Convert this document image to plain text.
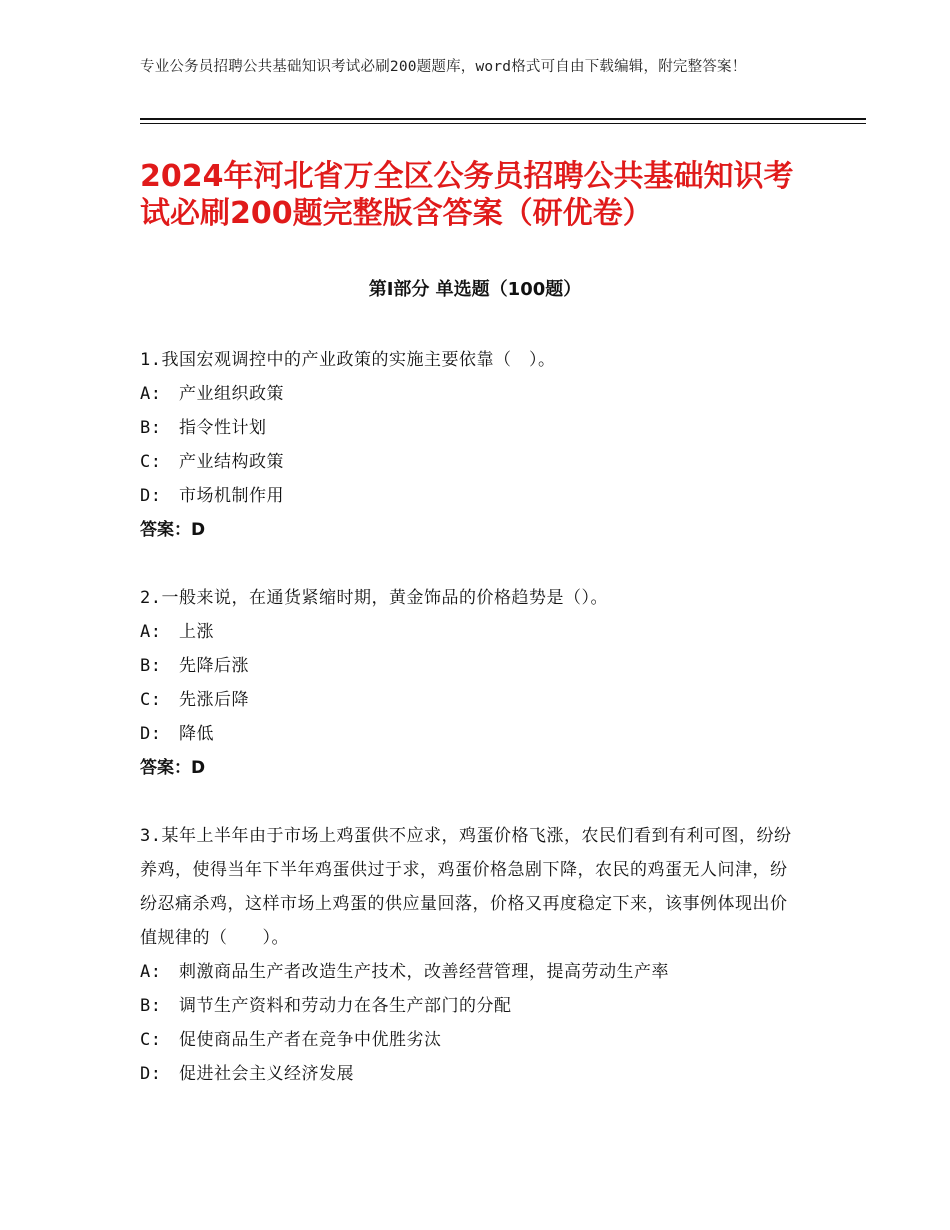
专业公务员招聘公共基础知识考试必刷200题题库，word格式可自由下载编辑，附完整答案！
2024年河北省万全区公务员招聘公共基础知识考试必刷200题完整版含答案（研优卷）
第Ⅰ部分 单选题（100题）
1.我国宏观调控中的产业政策的实施主要依靠（　）。
A:　产业组织政策
B:　指令性计划
C:　产业结构政策
D:　市场机制作用
答案：D
2.一般来说，在通货紧缩时期，黄金饰品的价格趋势是（）。
A:　上涨
B:　先降后涨
C:　先涨后降
D:　降低
答案：D
3.某年上半年由于市场上鸡蛋供不应求，鸡蛋价格飞涨，农民们看到有利可图，纷纷养鸡，使得当年下半年鸡蛋供过于求，鸡蛋价格急剧下降，农民的鸡蛋无人问津，纷纷忍痛杀鸡，这样市场上鸡蛋的供应量回落，价格又再度稳定下来，该事例体现出价值规律的（　　）。
A:　刺激商品生产者改造生产技术，改善经营管理，提高劳动生产率
B:　调节生产资料和劳动力在各生产部门的分配
C:　促使商品生产者在竞争中优胜劣汰
D:　促进社会主义经济发展
